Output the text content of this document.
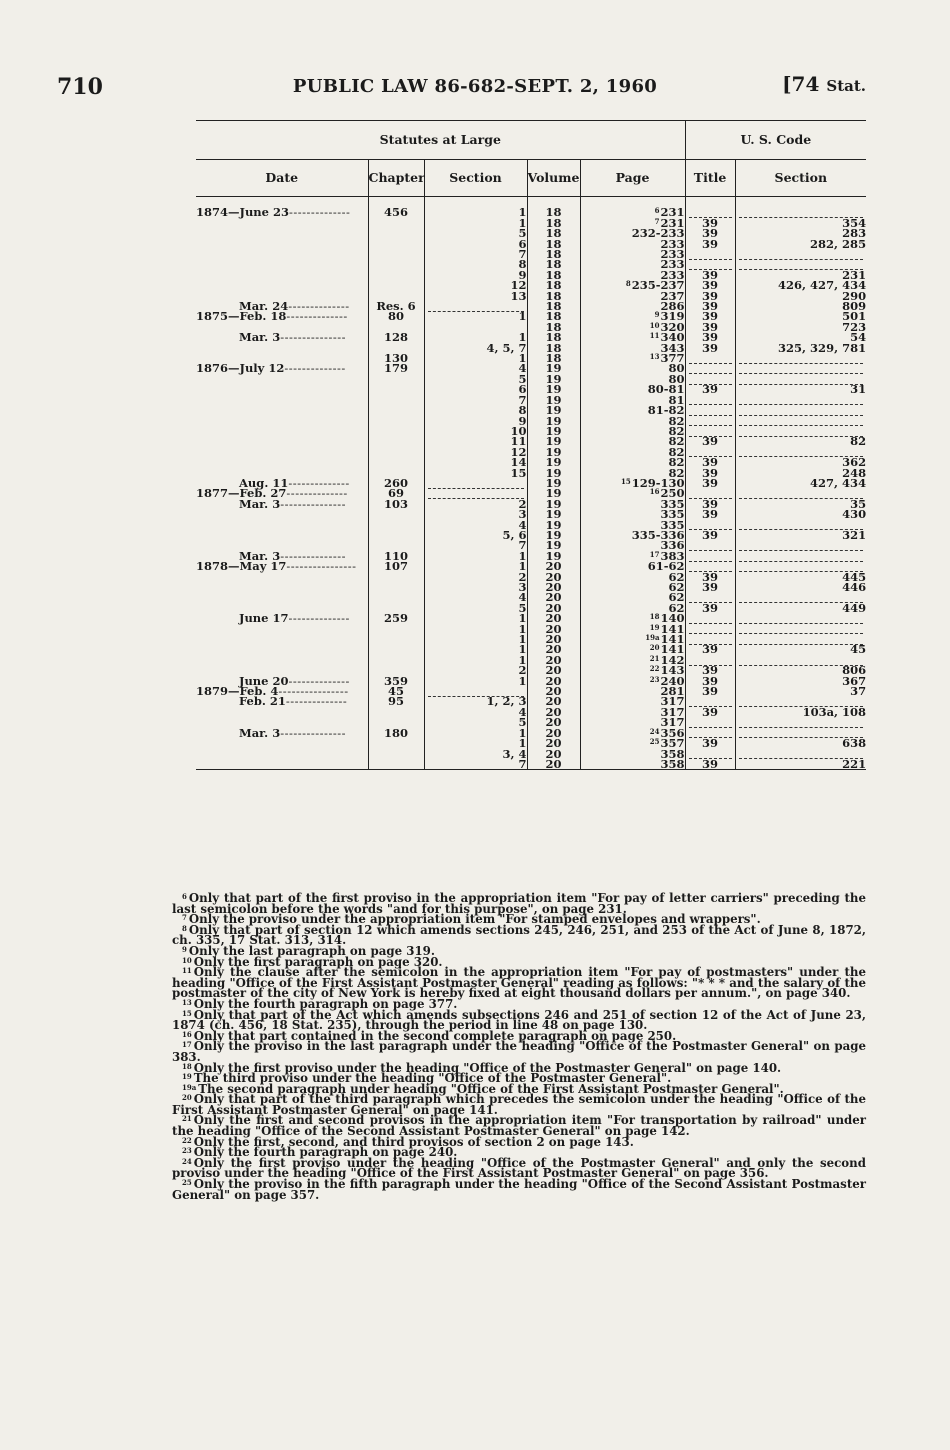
710	PUBLIC LAW 86-682-SEPT. 2, 1960	[74 Stat.
Statutes at Large					U. S. Code	
Date	Chapter	Section	Volume	Page	Title	Section

1874—June 23--------------	456	1	18	$^6$231	

		1	18	$^7$231	39	354
		5	18	232-233	39	283
		6	18	233	39	282, 285
		7	18	233	

		8	18	233	

		9	18	233	39	231
		12	18	$^8$235-237	39	426, 427, 434
		13	18	237	39	290
Mar. 24--------------	Res. 6		18	286	39	809
1875—Feb. 18--------------	80	1	18	$^9$319	39	501
			18	$^{10}$320	39	723
Mar. 3---------------	128	1	18	$^{11}$340	39	54
		4, 5, 7	18	343	39	325, 329, 781
	130	1	18	$^{13}$377	

1876—July 12--------------	179	4	19	80	

		5	19	80	

		6	19	80-81	39	31
		7	19	81	

		8	19	81-82	

		9	19	82	

		10	19	82	

		11	19	82	39	82
		12	19	82	

		14	19	82	39	362
		15	19	82	39	248
Aug. 11--------------	260		19	$^{15}$129-130	39	427, 434
1877—Feb. 27--------------	69		19	$^{16}$250	

Mar. 3---------------	103	2	19	335	39	35
		3	19	335	39	430
		4	19	335	

		5, 6	19	335-336	39	321
		7	19	336	

Mar. 3---------------	110	1	19	$^{17}$383	

1878—May 17----------------	107	1	20	61-62	

		2	20	62	39	445
		3	20	62	39	446
		4	20	62	

		5	20	62	39	449
June 17--------------	259	1	20	$^{18}$140	

		1	20	$^{19}$141	

		1	20	$^{19a}$141	

		1	20	$^{20}$141	39	45
		1	20	$^{21}$142	

		2	20	$^{22}$143	39	806
June 20--------------	359	1	20	$^{23}$240	39	367
1879—Feb. 4----------------	45		20	281	39	37
Feb. 21--------------	95	1, 2, 3	20	317	

		4	20	317	39	103a, 108
		5	20	317	

Mar. 3---------------	180	1	20	$^{24}$356	

		1	20	$^{25}$357	39	638
		3, 4	20	358	

		7	20	358	39	221

$^6$ Only that part of the first proviso in the appropriation item "For pay of letter carriers" preceding the last semicolon before the words "and for this purpose", on page 231.

$^7$ Only the proviso under the appropriation item "For stamped envelopes and wrappers".

$^8$ Only that part of section 12 which amends sections 245, 246, 251, and 253 of the Act of June 8, 1872, ch. 335, 17 Stat. 313, 314.

$^9$ Only the last paragraph on page 319.

$^{10}$ Only the first paragraph on page 320.

$^{11}$ Only the clause after the semicolon in the appropriation item "For pay of postmasters" under the heading "Office of the First Assistant Postmaster General" reading as follows: "* * * and the salary of the postmaster of the city of New York is hereby fixed at eight thousand dollars per annum.", on page 340.

$^{13}$ Only the fourth paragraph on page 377.

$^{15}$ Only that part of the Act which amends subsections 246 and 251 of section 12 of the Act of June 23, 1874 (ch. 456, 18 Stat. 235), through the period in line 48 on page 130.

$^{16}$ Only that part contained in the second complete paragraph on page 250.

$^{17}$ Only the proviso in the last paragraph under the heading "Office of the Postmaster General" on page 383.

$^{18}$ Only the first proviso under the heading "Office of the Postmaster General" on page 140.

$^{19}$ The third proviso under the heading "Office of the Postmaster General".

$^{19a}$ The second paragraph under heading "Office of the First Assistant Postmaster General".

$^{20}$ Only that part of the third paragraph which precedes the semicolon under the heading "Office of the First Assistant Postmaster General" on page 141.

$^{21}$ Only the first and second provisos in the appropriation item "For transportation by railroad" under the heading "Office of the Second Assistant Postmaster General" on page 142.

$^{22}$ Only the first, second, and third provisos of section 2 on page 143.

$^{23}$ Only the fourth paragraph on page 240.

$^{24}$ Only the first proviso under the heading "Office of the Postmaster General" and only the second proviso under the heading "Office of the First Assistant Postmaster General" on page 356.

$^{25}$ Only the proviso in the fifth paragraph under the heading "Office of the Second Assistant Postmaster General" on page 357.
